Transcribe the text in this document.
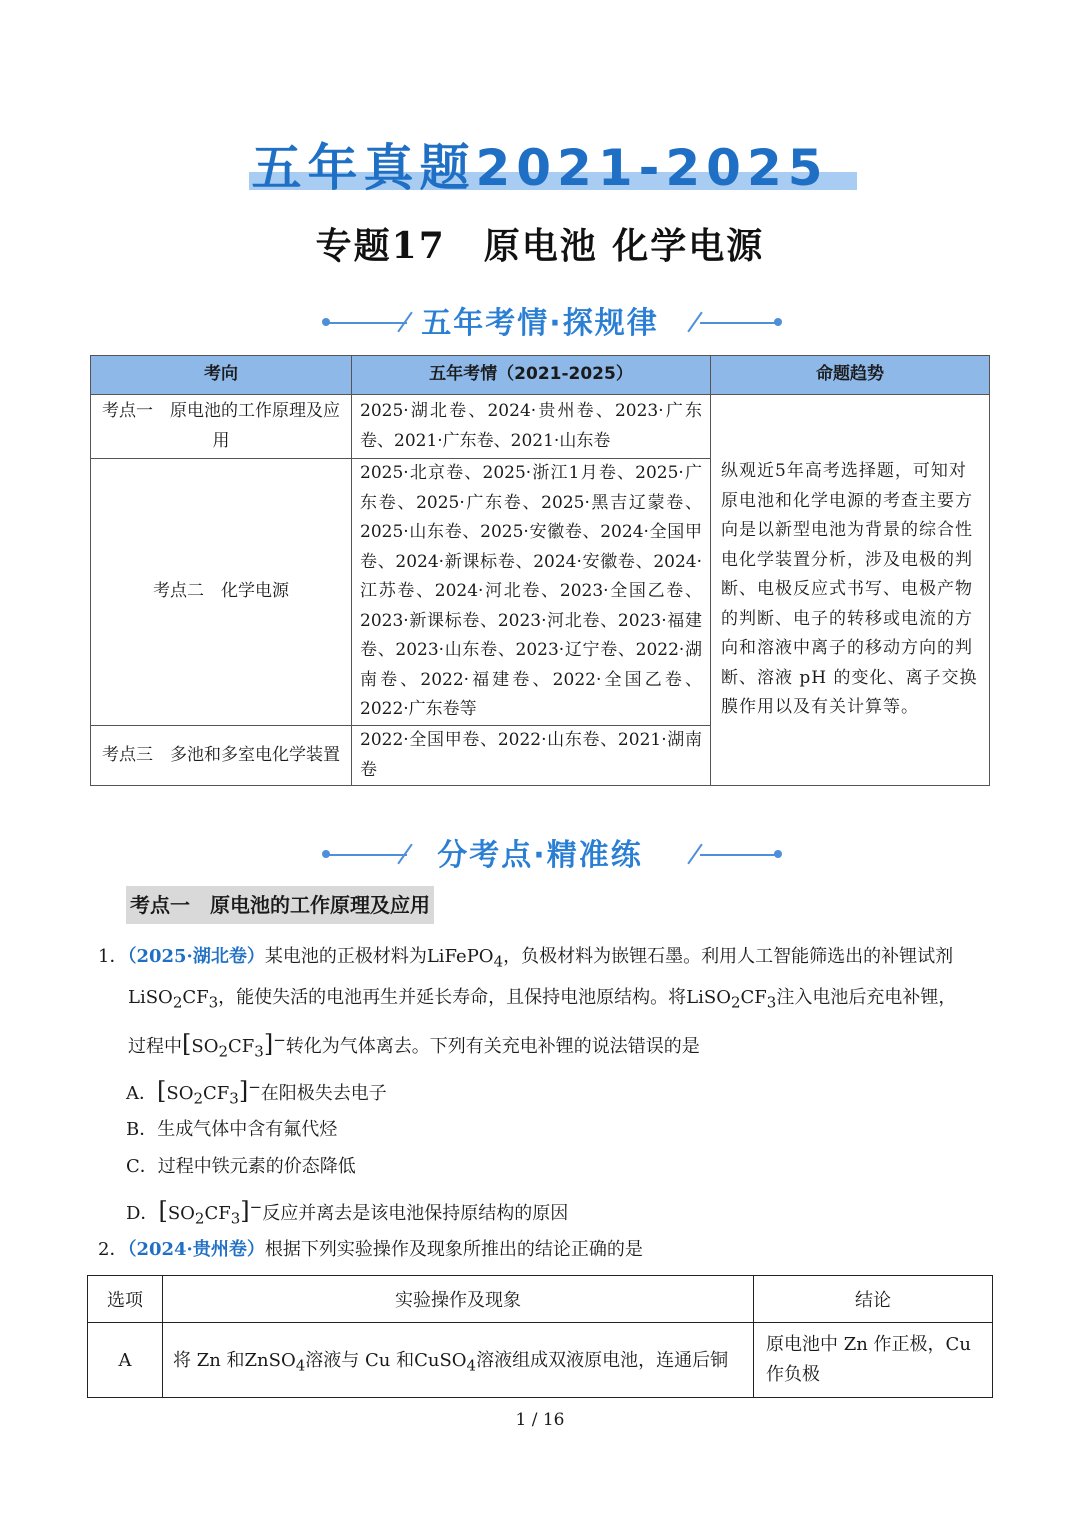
五年真题2021-2025
专题17　原电池 化学电源
五年考情·探规律
考向	五年考情（2021-2025）	命题趋势
考点一　原电池的工作原理及应用	2025·湖北卷、2024·贵州卷、2023·广东卷、2021·广东卷、2021·山东卷	纵观近5年高考选择题，可知对原电池和化学电源的考查主要方向是以新型电池为背景的综合性电化学装置分析，涉及电极的判断、电极反应式书写、电极产物的判断、电子的转移或电流的方向和溶液中离子的移动方向的判断、溶液 pH 的变化、离子交换膜作用以及有关计算等。
考点二　化学电源	2025·北京卷、2025·浙江1月卷、2025·广东卷、2025·广东卷、2025·黑吉辽蒙卷、2025·山东卷、2025·安徽卷、2024·全国甲卷、2024·新课标卷、2024·安徽卷、2024·江苏卷、2024·河北卷、2023·全国乙卷、2023·新课标卷、2023·河北卷、2023·福建卷、2023·山东卷、2023·辽宁卷、2022·湖南卷、2022·福建卷、2022·全国乙卷、2022·广东卷等	
考点三　多池和多室电化学装置	2022·全国甲卷、2022·山东卷、2021·湖南卷	
分考点·精准练
考点一　原电池的工作原理及应用
1．（2025·湖北卷）某电池的正极材料为LiFePO$_4$，负极材料为嵌锂石墨。利用人工智能筛选出的补锂试剂
$LiSO_2CF_3$，能使失活的电池再生并延长寿命，且保持电池原结构。将$LiSO_2CF_3$注入电池后充电补锂，
过程中$[SO_2CF_3]^-$转化为气体离去。下列有关充电补锂的说法错误的是
A．$[SO_2CF_3]^-$在阳极失去电子
B．生成气体中含有氟代烃
C．过程中铁元素的价态降低
D．$[SO_2CF_3]^-$反应并离去是该电池保持原结构的原因
2．（2024·贵州卷）根据下列实验操作及现象所推出的结论正确的是
选项	实验操作及现象	结论
A	将 Zn 和ZnSO$_4$溶液与 Cu 和CuSO$_4$溶液组成双液原电池，连通后铜	原电池中 Zn 作正极，Cu 作负极
1 / 16
